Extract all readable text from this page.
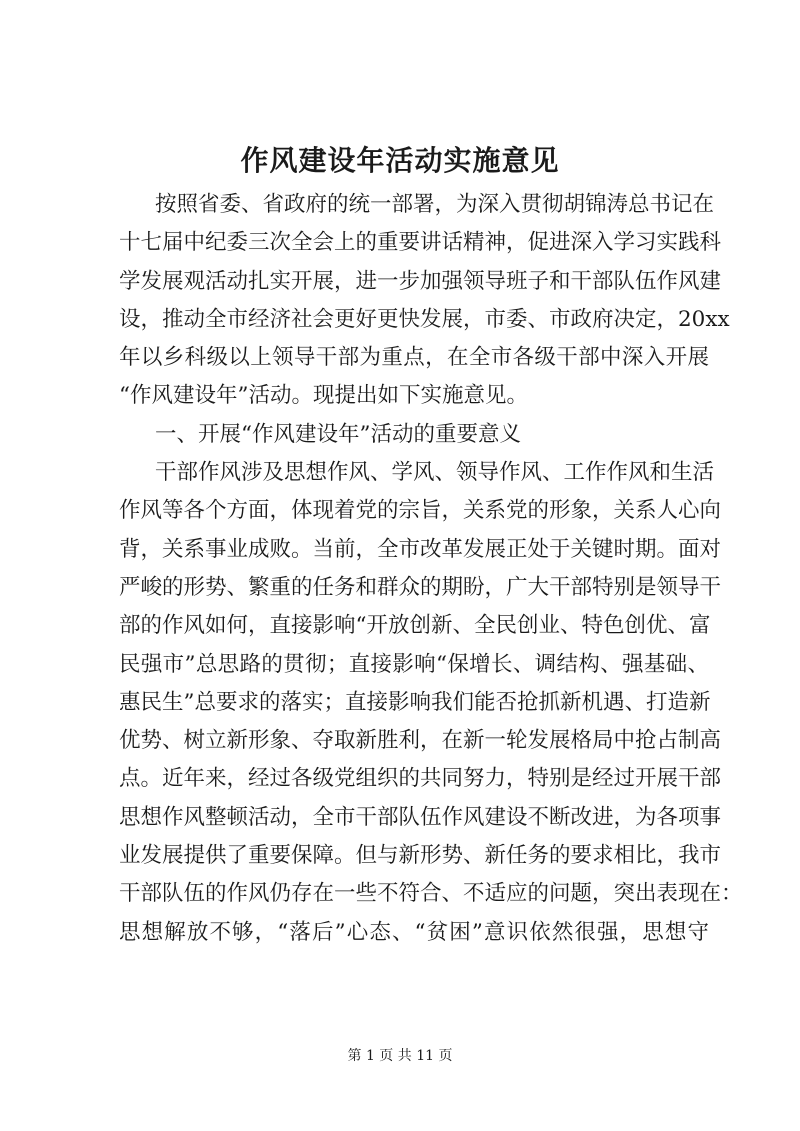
作风建设年活动实施意见
按照省委、省政府的统一部署，为深入贯彻胡锦涛总书记在
十七届中纪委三次全会上的重要讲话精神，促进深入学习实践科
学发展观活动扎实开展，进一步加强领导班子和干部队伍作风建
设，推动全市经济社会更好更快发展，市委、市政府决定，20xx
年以乡科级以上领导干部为重点，在全市各级干部中深入开展
“作风建设年”活动。现提出如下实施意见。
一、开展“作风建设年”活动的重要意义
干部作风涉及思想作风、学风、领导作风、工作作风和生活
作风等各个方面，体现着党的宗旨，关系党的形象，关系人心向
背，关系事业成败。当前，全市改革发展正处于关键时期。面对
严峻的形势、繁重的任务和群众的期盼，广大干部特别是领导干
部的作风如何，直接影响“开放创新、全民创业、特色创优、富
民强市”总思路的贯彻；直接影响“保增长、调结构、强基础、
惠民生”总要求的落实；直接影响我们能否抢抓新机遇、打造新
优势、树立新形象、夺取新胜利，在新一轮发展格局中抢占制高
点。近年来，经过各级党组织的共同努力，特别是经过开展干部
思想作风整顿活动，全市干部队伍作风建设不断改进，为各项事
业发展提供了重要保障。但与新形势、新任务的要求相比，我市
干部队伍的作风仍存在一些不符合、不适应的问题，突出表现在：
思想解放不够，“落后”心态、“贫困”意识依然很强，思想守
第 1 页 共 11 页
